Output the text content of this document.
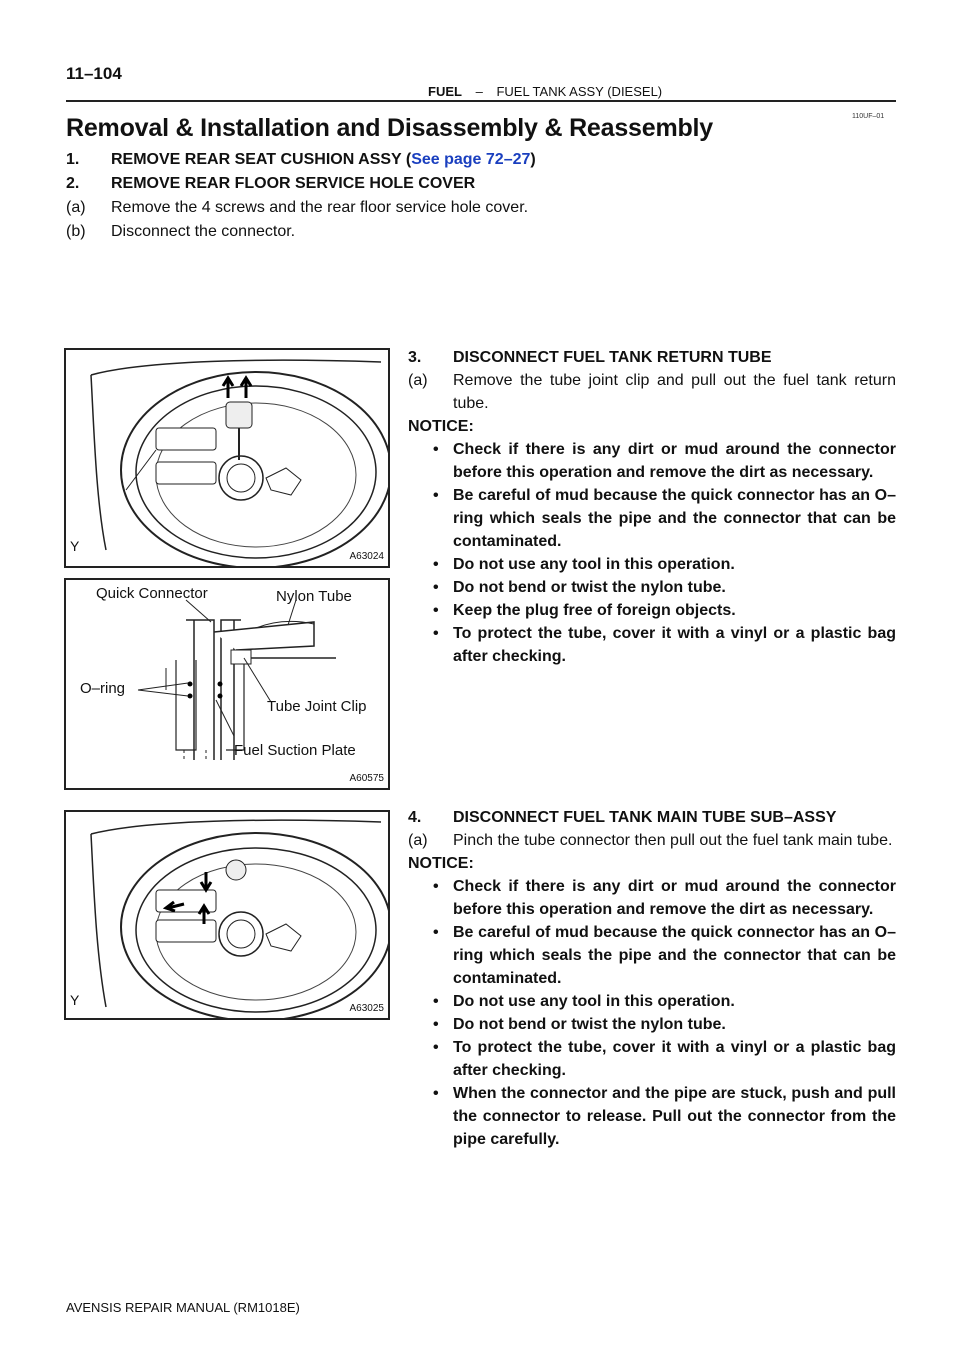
11–104
FUEL – FUEL TANK ASSY (DIESEL)
110UF–01
Removal & Installation and Disassembly & Reassembly
1. REMOVE REAR SEAT CUSHION ASSY (See page 72–27)
2. REMOVE REAR FLOOR SERVICE HOLE COVER
(a) Remove the 4 screws and the rear floor service hole cover.
(b) Disconnect the connector.
Y
A63024
Quick Connector	Nylon Tube
O–ring
Tube Joint Clip
Fuel Suction Plate
A60575
Y
A63025
3. DISCONNECT FUEL TANK RETURN TUBE
(a) Remove the tube joint clip and pull out the fuel tank return tube.
NOTICE:
• Check if there is any dirt or mud around the connector before this operation and remove the dirt as necessary.
• Be careful of mud because the quick connector has an O–ring which seals the pipe and the connector that can be contaminated.
• Do not use any tool in this operation.
• Do not bend or twist the nylon tube.
• Keep the plug free of foreign objects.
• To protect the tube, cover it with a vinyl or a plastic bag after checking.
4. DISCONNECT FUEL TANK MAIN TUBE SUB–ASSY
(a) Pinch the tube connector then pull out the fuel tank main tube.
NOTICE:
• Check if there is any dirt or mud around the connector before this operation and remove the dirt as necessary.
• Be careful of mud because the quick connector has an O–ring which seals the pipe and the connector that can be contaminated.
• Do not use any tool in this operation.
• Do not bend or twist the nylon tube.
• To protect the tube, cover it with a vinyl or a plastic bag after checking.
• When the connector and the pipe are stuck, push and pull the connector to release. Pull out the connector from the pipe carefully.
AVENSIS REPAIR MANUAL (RM1018E)
